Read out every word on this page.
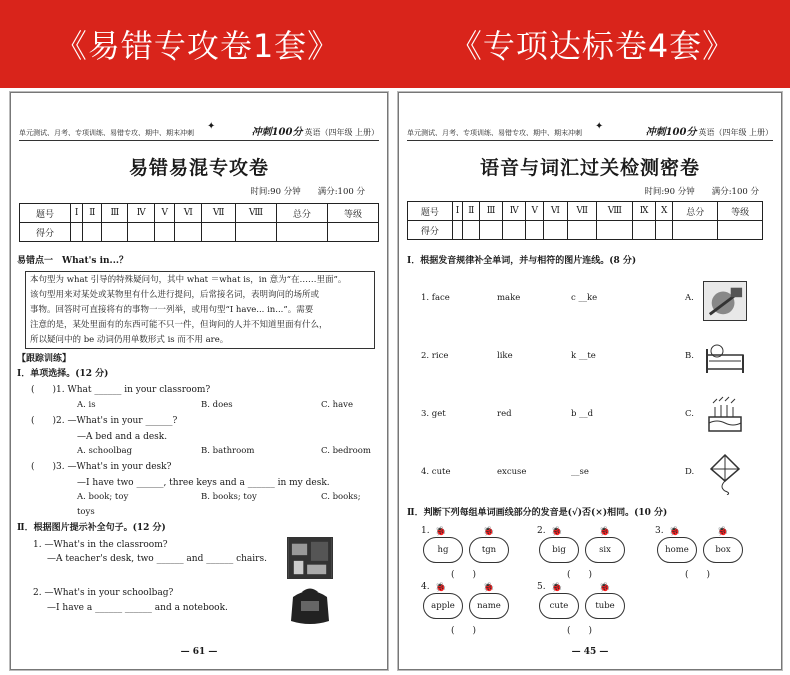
《易错专攻卷1套》	《专项达标卷4套》
单元测试、月考、专项训练、易错专攻、期中、期末冲刺	冲刺100分 英语（四年级 上册）
✦
易错易混专攻卷
时间:90 分钟　　满分:100 分
题号	Ⅰ	Ⅱ	Ⅲ	Ⅳ	Ⅴ	Ⅵ	Ⅶ	Ⅷ	总分	等级
得分										
易错点一　What's in...？
本句型为 what 引导的特殊疑问句，其中 what ＝what is，in 意为“在……里面”。
该句型用来对某处或某物里有什么进行提问，后常接名词，表明询问的场所或
事物。回答时可直接将有的事物一一列举，或用句型“I have... in...”。需要
注意的是，某处里面有的东西可能不只一件，但询问的人并不知道里面有什么，
所以疑问中的 be 动词仍用单数形式 is 而不用 are。
【跟踪训练】
Ⅰ．单项选择。(12 分)
(　　)1. What ______ in your classroom?
A. is	B. does	C. have
(　　)2. —What's in your ______?
—A bed and a desk.
A. schoolbag	B. bathroom	C. bedroom
(　　)3. —What's in your desk?
—I have two ______, three keys and a ______ in my desk.
A. book; toy	B. books; toy	C. books;
toys
Ⅱ．根据图片提示补全句子。(12 分)
1. —What's in the classroom?
—A teacher's desk, two ______ and ______ chairs.
2. —What's in your schoolbag?
—I have a ______ ______ and a notebook.
— 61 —
单元测试、月考、专项训练、易错专攻、期中、期末冲刺	冲刺100分 英语（四年级 上册）
✦
语音与词汇过关检测密卷
时间:90 分钟　　满分:100 分
题号	Ⅰ	Ⅱ	Ⅲ	Ⅳ	Ⅴ	Ⅵ	Ⅶ	Ⅷ	Ⅸ	Ⅹ	总分	等级
得分												
Ⅰ．根据发音规律补全单词，并与相符的图片连线。(8 分)
1. face	make	c __ke	A.
2. rice	like	k __te	B.
3. get	red	b __d	C.
4. cute	excuse	__se	D.
Ⅱ．判断下列每组单词画线部分的发音是(√)否(×)相同。(10 分)
1. 🐞	🐞
hg	tgn
(　　)
2. 🐞	🐞
big	six
(　　)
3. 🐞	🐞
home	box
(　　)
4. 🐞	🐞
apple	name
(　　)
5. 🐞	🐞
cute	tube
(　　)
— 45 —
